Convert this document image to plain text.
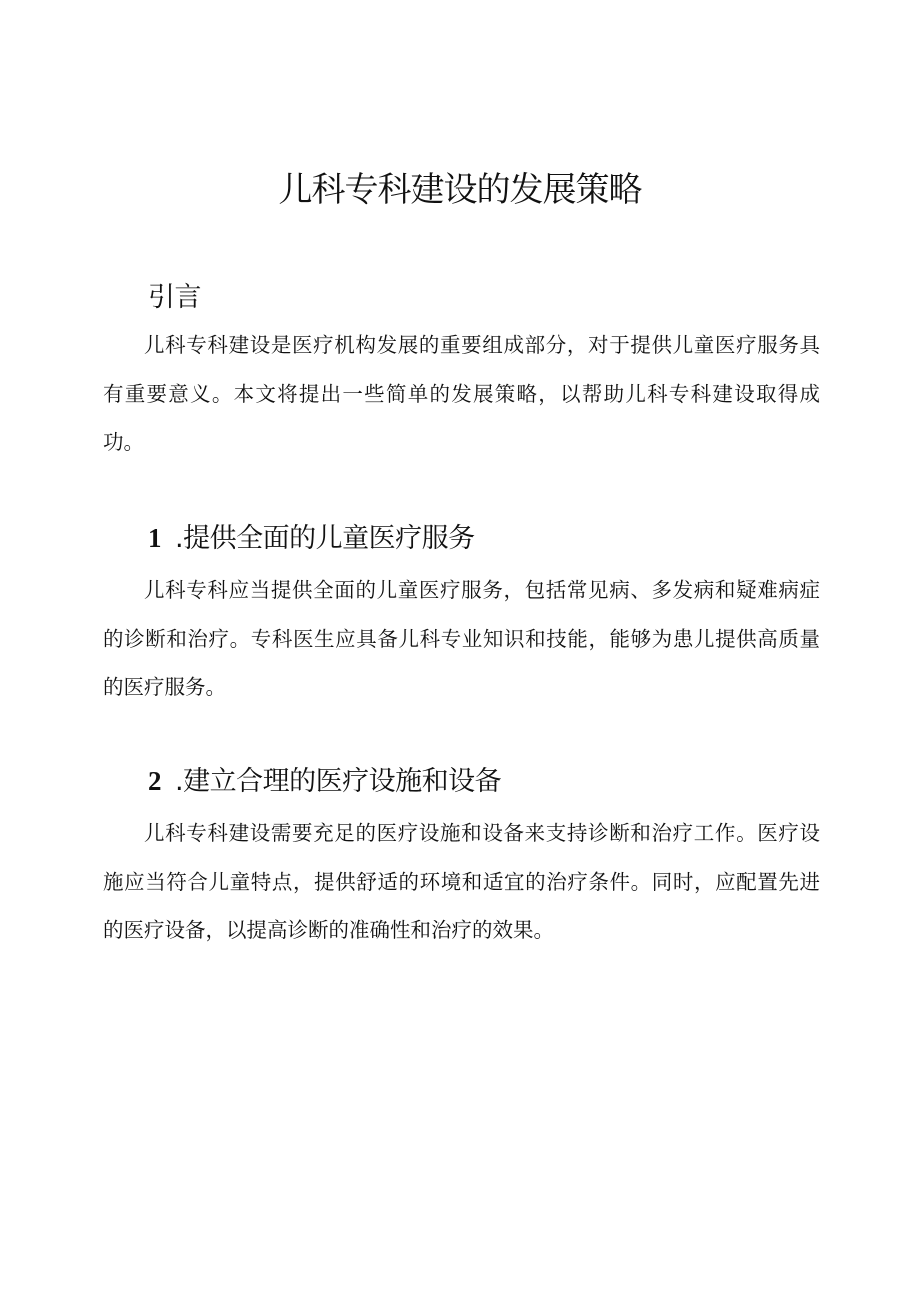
儿科专科建设的发展策略
引言

儿科专科建设是医疗机构发展的重要组成部分，对于提供儿童医疗服务具有重要意义。本文将提出一些简单的发展策略，以帮助儿科专科建设取得成功。

1 .提供全面的儿童医疗服务

儿科专科应当提供全面的儿童医疗服务，包括常见病、多发病和疑难病症的诊断和治疗。专科医生应具备儿科专业知识和技能，能够为患儿提供高质量的医疗服务。

2 .建立合理的医疗设施和设备

儿科专科建设需要充足的医疗设施和设备来支持诊断和治疗工作。医疗设施应当符合儿童特点，提供舒适的环境和适宜的治疗条件。同时，应配置先进的医疗设备，以提高诊断的准确性和治疗的效果。
